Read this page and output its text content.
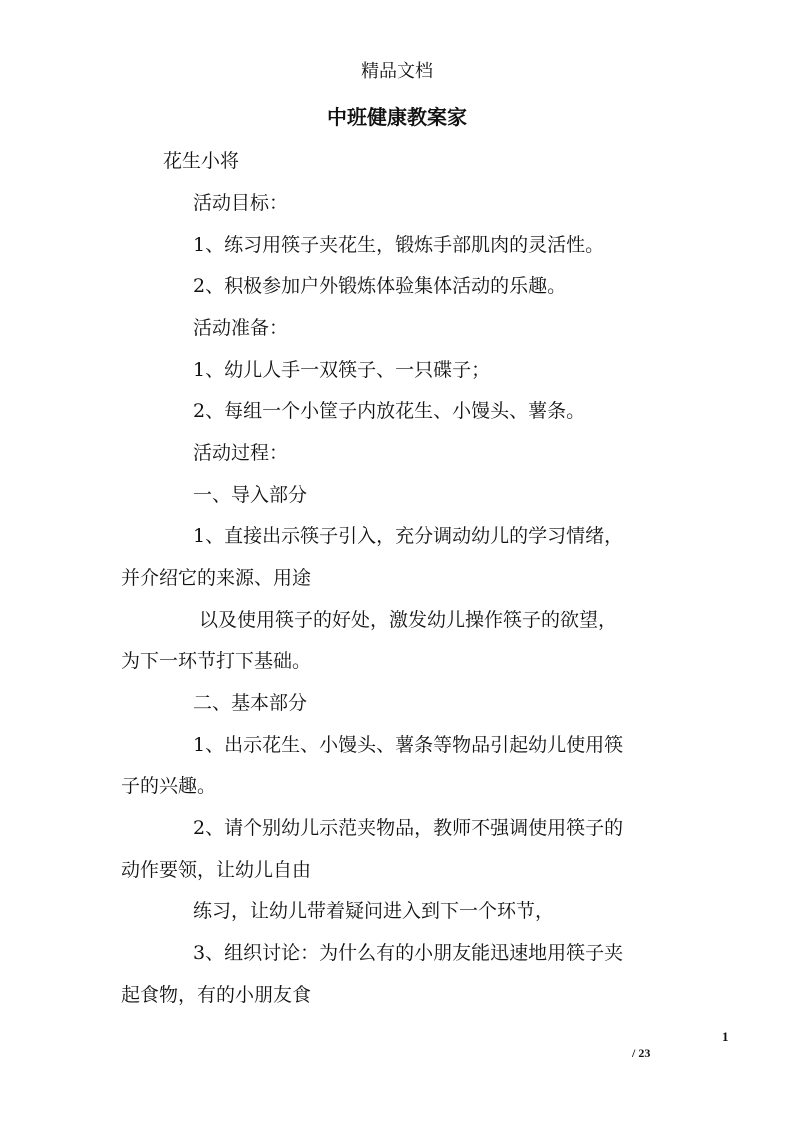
精品文档
中班健康教案家
花生小将
活动目标：
1、练习用筷子夹花生，锻炼手部肌肉的灵活性。
2、积极参加户外锻炼体验集体活动的乐趣。
活动准备：
1、幼儿人手一双筷子、一只碟子；
2、每组一个小筐子内放花生、小馒头、薯条。
活动过程：
一、导入部分
1、直接出示筷子引入，充分调动幼儿的学习情绪，
并介绍它的来源、用途
以及使用筷子的好处，激发幼儿操作筷子的欲望，
为下一环节打下基础。
二、基本部分
1、出示花生、小馒头、薯条等物品引起幼儿使用筷
子的兴趣。
2、请个别幼儿示范夹物品，教师不强调使用筷子的
动作要领，让幼儿自由
练习，让幼儿带着疑问进入到下一个环节，
3、组织讨论：为什么有的小朋友能迅速地用筷子夹
起食物，有的小朋友食
1
/ 23
